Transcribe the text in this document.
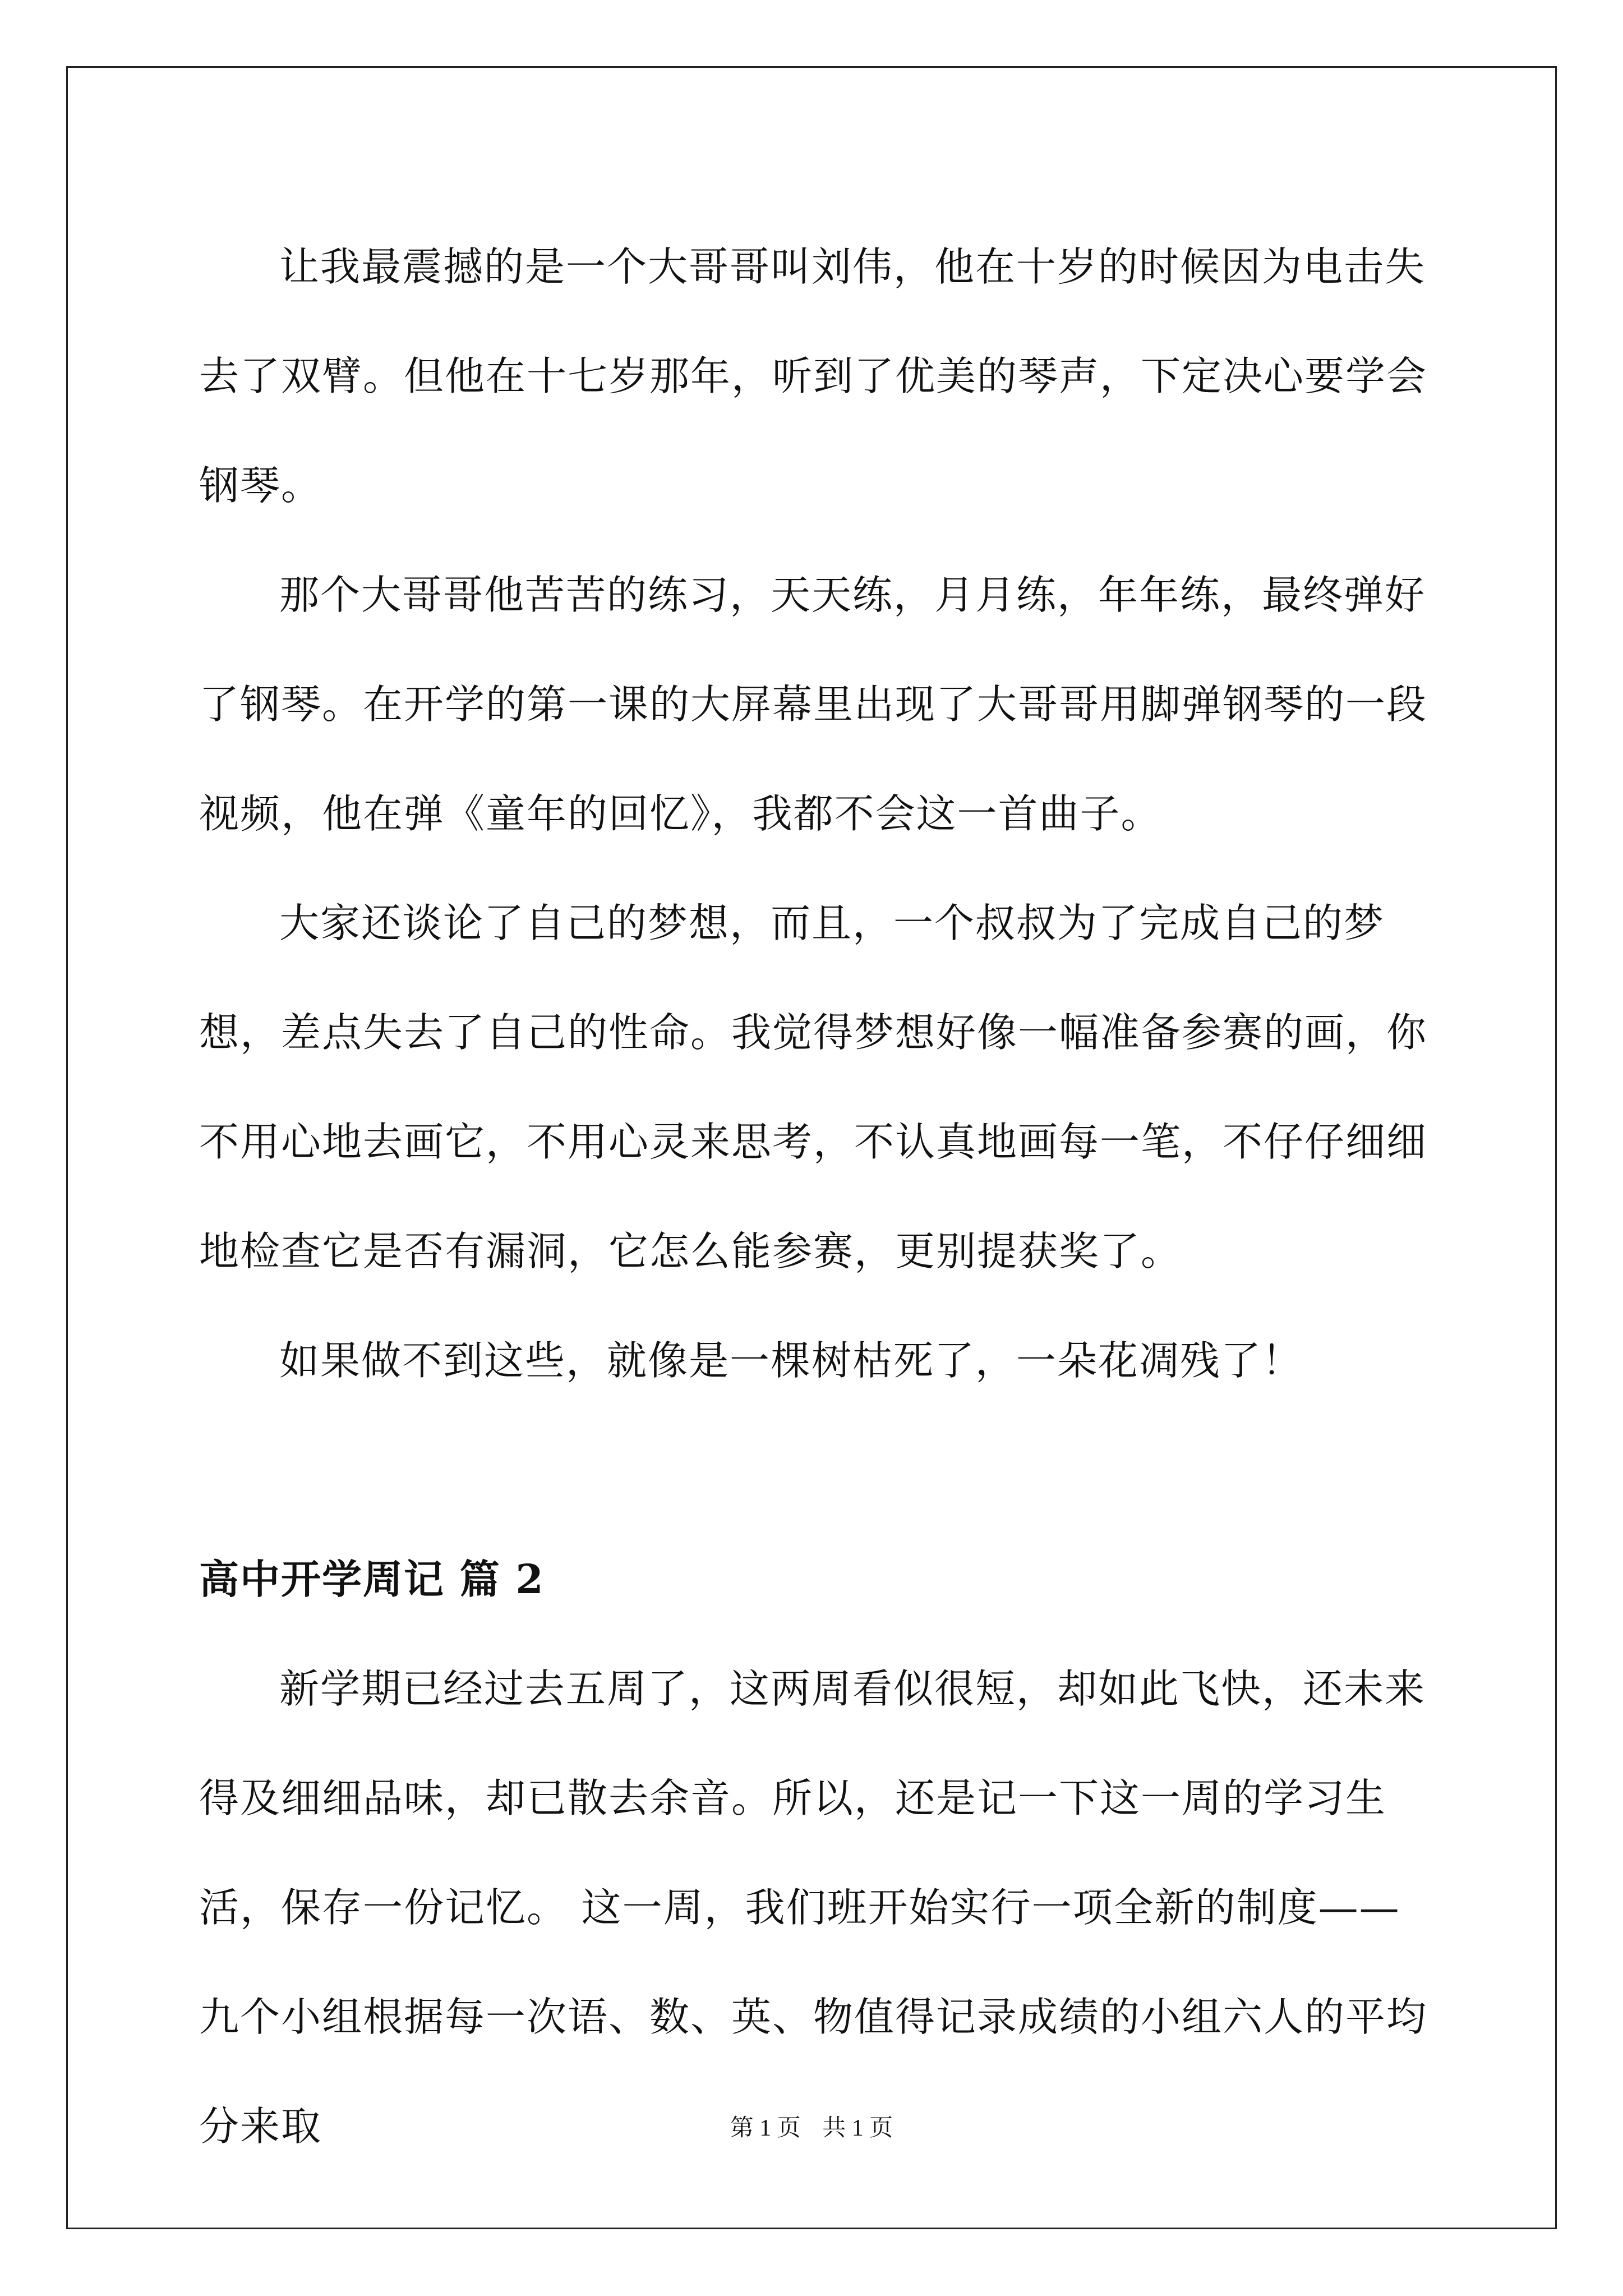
让我最震撼的是一个大哥哥叫刘伟，他在十岁的时候因为电击失去了双臂。但他在十七岁那年，听到了优美的琴声，下定决心要学会钢琴。

那个大哥哥他苦苦的练习，天天练，月月练，年年练，最终弹好了钢琴。在开学的第一课的大屏幕里出现了大哥哥用脚弹钢琴的一段视频，他在弹《童年的回忆》，我都不会这一首曲子。

大家还谈论了自己的梦想，而且，一个叔叔为了完成自己的梦想，差点失去了自己的性命。我觉得梦想好像一幅准备参赛的画，你不用心地去画它，不用心灵来思考，不认真地画每一笔，不仔仔细细地检查它是否有漏洞，它怎么能参赛，更别提获奖了。

如果做不到这些，就像是一棵树枯死了，一朵花凋残了！

高中开学周记 篇 2

新学期已经过去五周了，这两周看似很短，却如此飞快，还未来得及细细品味，却已散去余音。所以，还是记一下这一周的学习生活，保存一份记忆。 这一周，我们班开始实行一项全新的制度——九个小组根据每一次语、数、英、物值得记录成绩的小组六人的平均分来取	第 1 页 共 1 页
